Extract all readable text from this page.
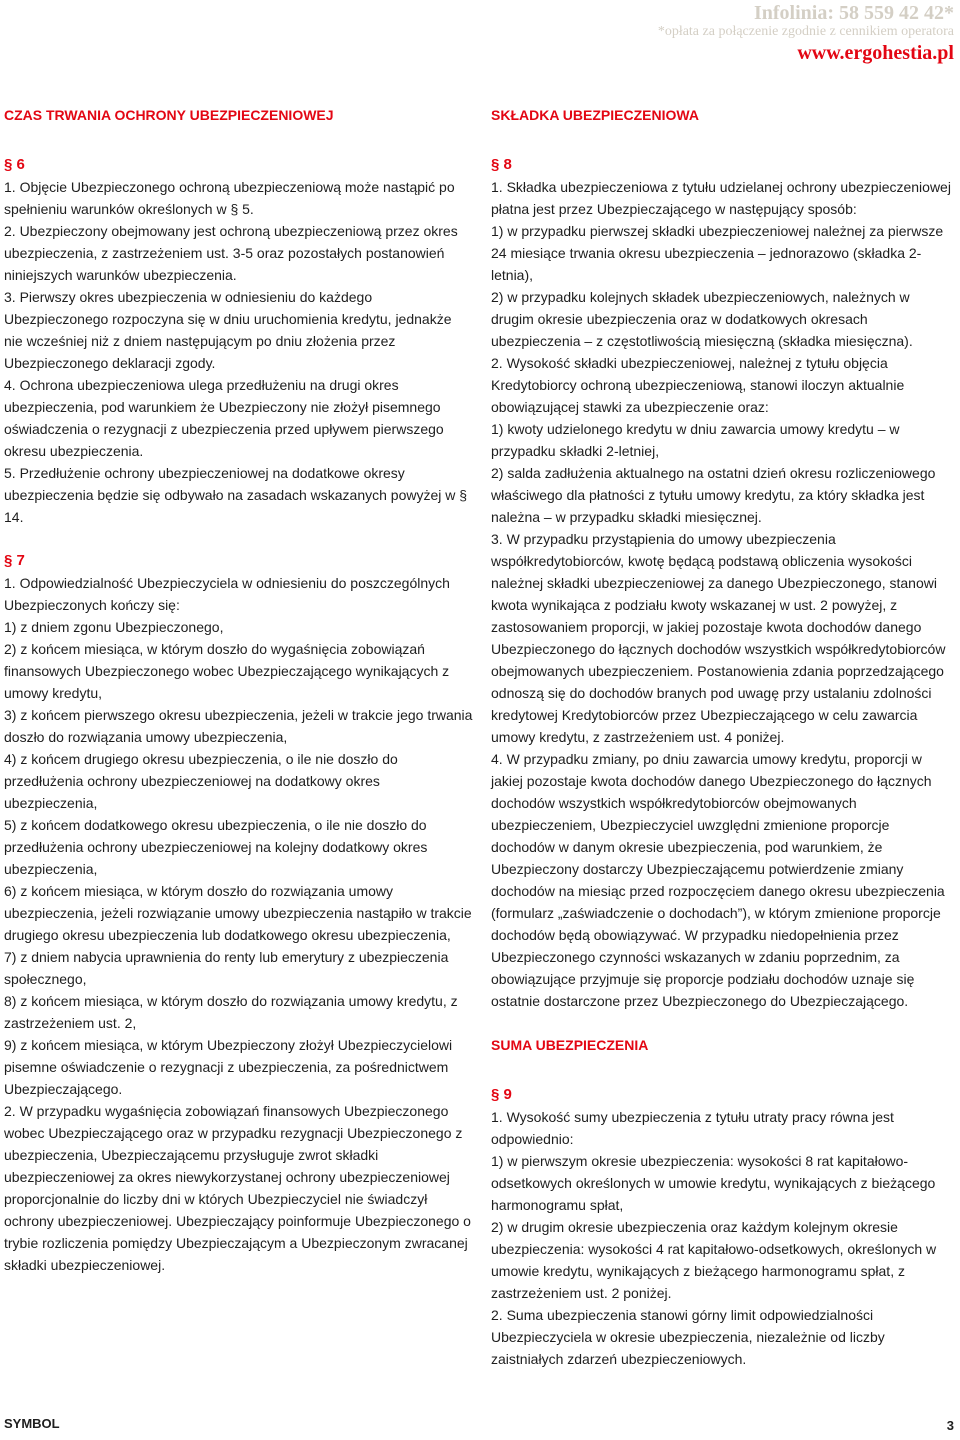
Infolinia: 58 559 42 42*
*opłata za połączenie zgodnie z cennikiem operatora
www.ergohestia.pl
CZAS TRWANIA OCHRONY UBEZPIECZENIOWEJ
§ 6

1. Objęcie Ubezpieczonego ochroną ubezpieczeniową może nastąpić po spełnieniu warunków określonych w § 5.

2. Ubezpieczony obejmowany jest ochroną ubezpieczeniową przez okres ubezpieczenia, z zastrzeżeniem ust. 3-5 oraz pozostałych postanowień niniejszych warunków ubezpieczenia.

3. Pierwszy okres ubezpieczenia w odniesieniu do każdego Ubezpieczonego rozpoczyna się w dniu uruchomienia kredytu, jednakże nie wcześniej niż z dniem następującym po dniu złożenia przez Ubezpieczonego deklaracji zgody.

4. Ochrona ubezpieczeniowa ulega przedłużeniu na drugi okres ubezpieczenia, pod warunkiem że Ubezpieczony nie złożył pisemnego oświadczenia o rezygnacji z ubezpieczenia przed upływem pierwszego okresu ubezpieczenia.

5. Przedłużenie ochrony ubezpieczeniowej na dodatkowe okresy ubezpieczenia będzie się odbywało na zasadach wskazanych powyżej w § 14.

§ 7

1. Odpowiedzialność Ubezpieczyciela w odniesieniu do poszczególnych Ubezpieczonych kończy się:

1) z dniem zgonu Ubezpieczonego,

2) z końcem miesiąca, w którym doszło do wygaśnięcia zobowiązań finansowych Ubezpieczonego wobec Ubezpieczającego wynikających z umowy kredytu,

3) z końcem pierwszego okresu ubezpieczenia, jeżeli w trakcie jego trwania doszło do rozwiązania umowy ubezpieczenia,

4) z końcem drugiego okresu ubezpieczenia, o ile nie doszło do przedłużenia ochrony ubezpieczeniowej na dodatkowy okres ubezpieczenia,

5) z końcem dodatkowego okresu ubezpieczenia, o ile nie doszło do przedłużenia ochrony ubezpieczeniowej na kolejny dodatkowy okres ubezpieczenia,

6) z końcem miesiąca, w którym doszło do rozwiązania umowy ubezpieczenia, jeżeli rozwiązanie umowy ubezpieczenia nastąpiło w trakcie drugiego okresu ubezpieczenia lub dodatkowego okresu ubezpieczenia,

7) z dniem nabycia uprawnienia do renty lub emerytury z ubezpieczenia społecznego,

8) z końcem miesiąca, w którym doszło do rozwiązania umowy kredytu, z zastrzeżeniem ust. 2,

9) z końcem miesiąca, w którym Ubezpieczony złożył Ubezpieczycielowi pisemne oświadczenie o rezygnacji z ubezpieczenia, za pośrednictwem Ubezpieczającego.

2. W przypadku wygaśnięcia zobowiązań finansowych Ubezpieczonego wobec Ubezpieczającego oraz w przypadku rezygnacji Ubezpieczonego z ubezpieczenia, Ubezpieczającemu przysługuje zwrot składki ubezpieczeniowej za okres niewykorzystanej ochrony ubezpieczeniowej proporcjonalnie do liczby dni w których Ubezpieczyciel nie świadczył ochrony ubezpieczeniowej. Ubezpieczający poinformuje Ubezpieczonego o trybie rozliczenia pomiędzy Ubezpieczającym a Ubezpieczonym zwracanej składki ubezpieczeniowej.

SKŁADKA UBEZPIECZENIOWA
§ 8

1. Składka ubezpieczeniowa z tytułu udzielanej ochrony ubezpieczeniowej płatna jest przez Ubezpieczającego w następujący sposób:

1) w przypadku pierwszej składki ubezpieczeniowej należnej za pierwsze 24 miesiące trwania okresu ubezpieczenia – jednorazowo (składka 2-letnia),

2) w przypadku kolejnych składek ubezpieczeniowych, należnych w drugim okresie ubezpieczenia oraz w dodatkowych okresach ubezpieczenia – z częstotliwością miesięczną (składka miesięczna).

2. Wysokość składki ubezpieczeniowej, należnej z tytułu objęcia Kredytobiorcy ochroną ubezpieczeniową, stanowi iloczyn aktualnie obowiązującej stawki za ubezpieczenie oraz:

1) kwoty udzielonego kredytu w dniu zawarcia umowy kredytu – w przypadku składki 2-letniej,

2) salda zadłużenia aktualnego na ostatni dzień okresu rozliczeniowego właściwego dla płatności z tytułu umowy kredytu, za który składka jest należna – w przypadku składki miesięcznej.

3. W przypadku przystąpienia do umowy ubezpieczenia współkredytobiorców, kwotę będącą podstawą obliczenia wysokości należnej składki ubezpieczeniowej za danego Ubezpieczonego, stanowi kwota wynikająca z podziału kwoty wskazanej w ust. 2 powyżej, z zastosowaniem proporcji, w jakiej pozostaje kwota dochodów danego Ubezpieczonego do łącznych dochodów wszystkich współkredytobiorców obejmowanych ubezpieczeniem. Postanowienia zdania poprzedzającego odnoszą się do dochodów branych pod uwagę przy ustalaniu zdolności kredytowej Kredytobiorców przez Ubezpieczającego w celu zawarcia umowy kredytu, z zastrzeżeniem ust. 4 poniżej.

4. W przypadku zmiany, po dniu zawarcia umowy kredytu, proporcji w jakiej pozostaje kwota dochodów danego Ubezpieczonego do łącznych dochodów wszystkich współkredytobiorców obejmowanych ubezpieczeniem, Ubezpieczyciel uwzględni zmienione proporcje dochodów w danym okresie ubezpieczenia, pod warunkiem, że Ubezpieczony dostarczy Ubezpieczającemu potwierdzenie zmiany dochodów na miesiąc przed rozpoczęciem danego okresu ubezpieczenia (formularz „zaświadczenie o dochodach”), w którym zmienione proporcje dochodów będą obowiązywać. W przypadku niedopełnienia przez Ubezpieczonego czynności wskazanych w zdaniu poprzednim, za obowiązujące przyjmuje się proporcje podziału dochodów uznaje się ostatnie dostarczone przez Ubezpieczonego do Ubezpieczającego.

SUMA UBEZPIECZENIA
§ 9

1. Wysokość sumy ubezpieczenia z tytułu utraty pracy równa jest odpowiednio:

1) w pierwszym okresie ubezpieczenia: wysokości 8 rat kapitałowo-odsetkowych określonych w umowie kredytu, wynikających z bieżącego harmonogramu spłat,

2) w drugim okresie ubezpieczenia oraz każdym kolejnym okresie ubezpieczenia: wysokości 4 rat kapitałowo-odsetkowych, określonych w umowie kredytu, wynikających z bieżącego harmonogramu spłat, z zastrzeżeniem ust. 2 poniżej.

2. Suma ubezpieczenia stanowi górny limit odpowiedzialności Ubezpieczyciela w okresie ubezpieczenia, niezależnie od liczby zaistniałych zdarzeń ubezpieczeniowych.

SYMBOL	3
